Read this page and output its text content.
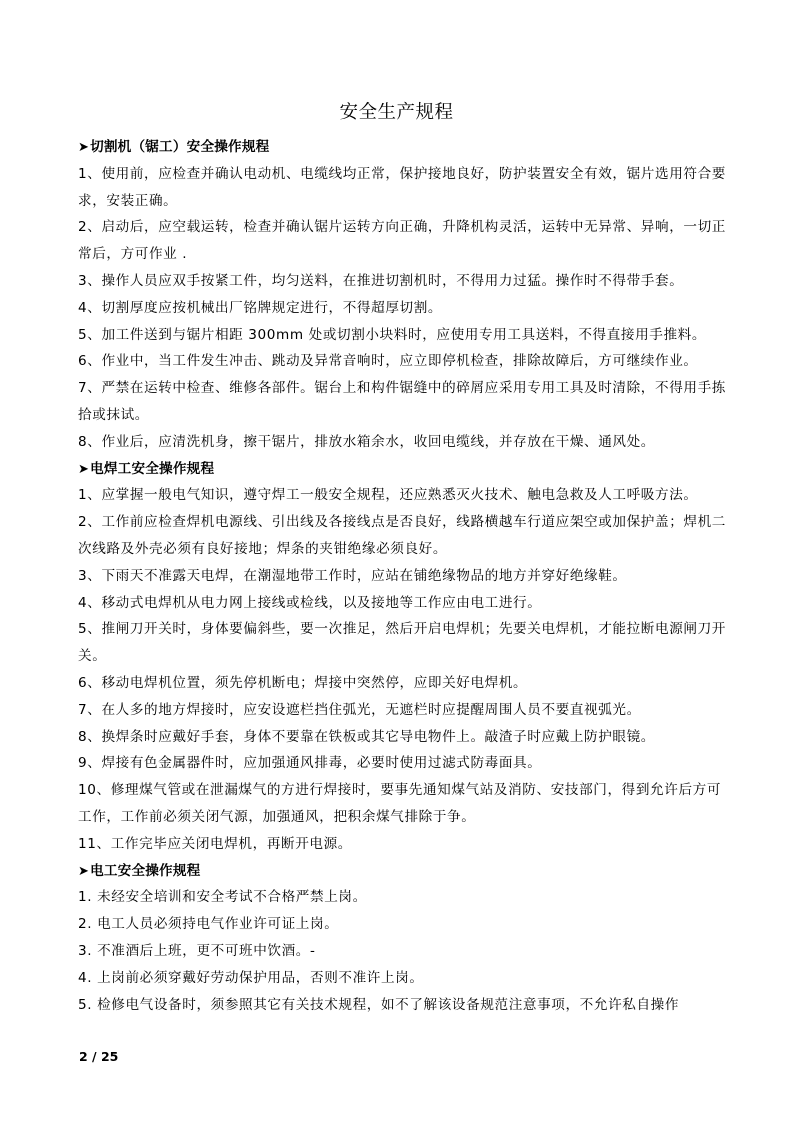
安全生产规程
➤切割机（锯工）安全操作规程
1、使用前，应检查并确认电动机、电缆线均正常，保护接地良好，防护装置安全有效，锯片选用符合要
求，安装正确。
2、启动后，应空载运转，检查并确认锯片运转方向正确，升降机构灵活，运转中无异常、异响，一切正
常后，方可作业 .
3、操作人员应双手按紧工件，均匀送料，在推进切割机时，不得用力过猛。操作时不得带手套。
4、切割厚度应按机械出厂铭牌规定进行，不得超厚切割。
5、加工件送到与锯片相距 300mm 处或切割小块料时，应使用专用工具送料，不得直接用手推料。
6、作业中，当工件发生冲击、跳动及异常音响时，应立即停机检查，排除故障后，方可继续作业。
7、严禁在运转中检查、维修各部件。锯台上和构件锯缝中的碎屑应采用专用工具及时清除，不得用手拣
拾或抹试。
8、作业后，应清洗机身，擦干锯片，排放水箱余水，收回电缆线，并存放在干燥、通风处。
➤电焊工安全操作规程
1、应掌握一般电气知识，遵守焊工一般安全规程，还应熟悉灭火技术、触电急救及人工呼吸方法。
2、工作前应检查焊机电源线、引出线及各接线点是否良好，线路横越车行道应架空或加保护盖；焊机二
次线路及外壳必须有良好接地；焊条的夹钳绝缘必须良好。
3、下雨天不准露天电焊，在潮湿地带工作时，应站在铺绝缘物品的地方并穿好绝缘鞋。
4、移动式电焊机从电力网上接线或检线，以及接地等工作应由电工进行。
5、推闸刀开关时，身体要偏斜些，要一次推足，然后开启电焊机；先要关电焊机，才能拉断电源闸刀开
关。
6、移动电焊机位置，须先停机断电；焊接中突然停，应即关好电焊机。
7、在人多的地方焊接时，应安设遮栏挡住弧光，无遮栏时应提醒周围人员不要直视弧光。
8、换焊条时应戴好手套，身体不要靠在铁板或其它导电物件上。敲渣子时应戴上防护眼镜。
9、焊接有色金属器件时，应加强通风排毒，必要时使用过滤式防毒面具。
10、修理煤气管或在泄漏煤气的方进行焊接时，要事先通知煤气站及消防、安技部门，得到允许后方可
工作，工作前必须关闭气源，加强通风，把积余煤气排除于争。
11、工作完毕应关闭电焊机，再断开电源。
➤电工安全操作规程
1. 未经安全培训和安全考试不合格严禁上岗。
2. 电工人员必须持电气作业许可证上岗。
3. 不准酒后上班，更不可班中饮酒。-
4. 上岗前必须穿戴好劳动保护用品，否则不准许上岗。
5. 检修电气设备时，须参照其它有关技术规程，如不了解该设备规范注意事项，不允许私自操作
2 / 25
